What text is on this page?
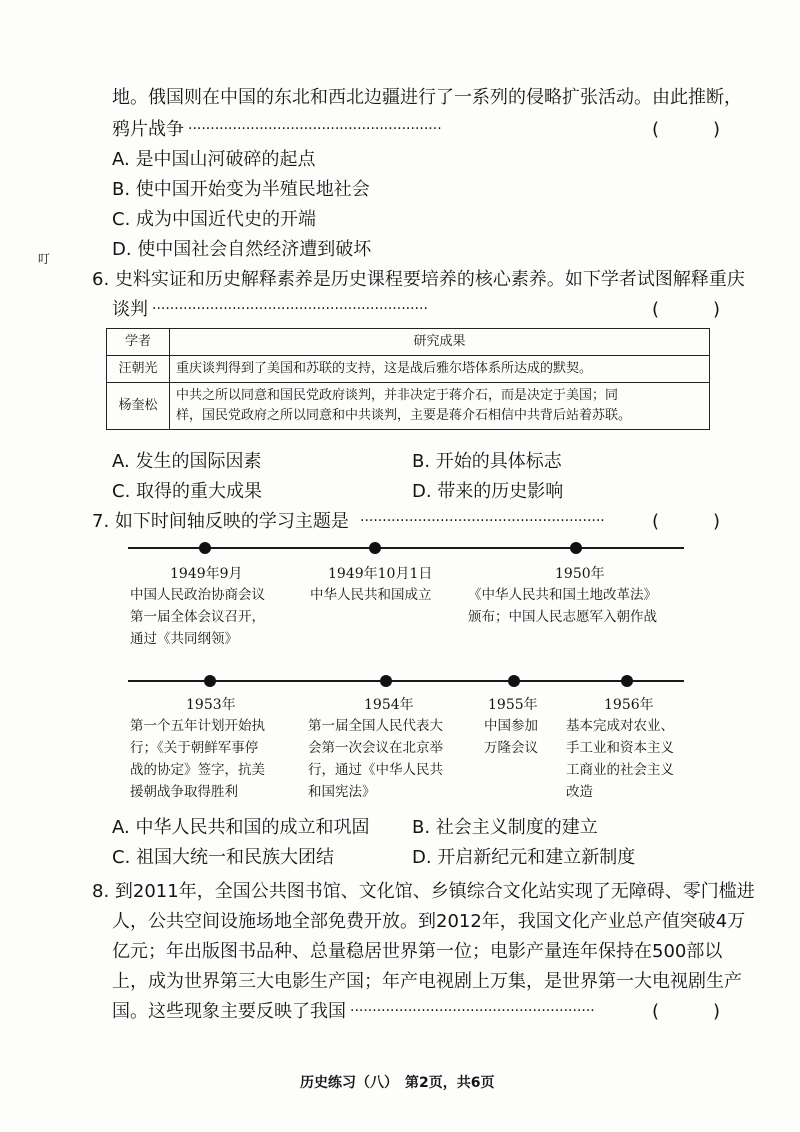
叮
地。俄国则在中国的东北和西北边疆进行了一系列的侵略扩张活动。由此推断，
鸦片战争 ·························································	(　　　)
A. 是中国山河破碎的起点
B. 使中国开始变为半殖民地社会
C. 成为中国近代史的开端
D. 使中国社会自然经济遭到破坏
6. 史料实证和历史解释素养是历史课程要培养的核心素养。如下学者试图解释重庆
谈判 ······························································	(　　　)
学者	研究成果
汪朝光	重庆谈判得到了美国和苏联的支持，这是战后雅尔塔体系所达成的默契。

杨奎松	中共之所以同意和国民党政府谈判，并非决定于蒋介石，而是决定于美国；同
样，国民党政府之所以同意和中共谈判，主要是蒋介石相信中共背后站着苏联。
A. 发生的国际因素	B. 开始的具体标志
C. 取得的重大成果	D. 带来的历史影响
7. 如下时间轴反映的学习主题是 ·······················································	(　　　)
1949年9月
中国人民政治协商会议
第一届全体会议召开，
通过《共同纲领》
1949年10月1日
中华人民共和国成立
1950年
《中华人民共和国土地改革法》
颁布；中国人民志愿军入朝作战
1953年
第一个五年计划开始执
行；《关于朝鲜军事停
战的协定》签字，抗美
援朝战争取得胜利
1954年
第一届全国人民代表大
会第一次会议在北京举
行，通过《中华人民共
和国宪法》
1955年
中国参加
万隆会议
1956年
基本完成对农业、
手工业和资本主义
工商业的社会主义
改造
A. 中华人民共和国的成立和巩固 B. 社会主义制度的建立
C. 祖国大统一和民族大团结	D. 开启新纪元和建立新制度
8. 到2011年，全国公共图书馆、文化馆、乡镇综合文化站实现了无障碍、零门槛进
人，公共空间设施场地全部免费开放。到2012年，我国文化产业总产值突破4万
亿元；年出版图书品种、总量稳居世界第一位；电影产量连年保持在500部以
上，成为世界第三大电影生产国；年产电视剧上万集，是世界第一大电视剧生产
国。这些现象主要反映了我国 ·······················································	(　　　)
历史练习（八）　第2页，共6页
